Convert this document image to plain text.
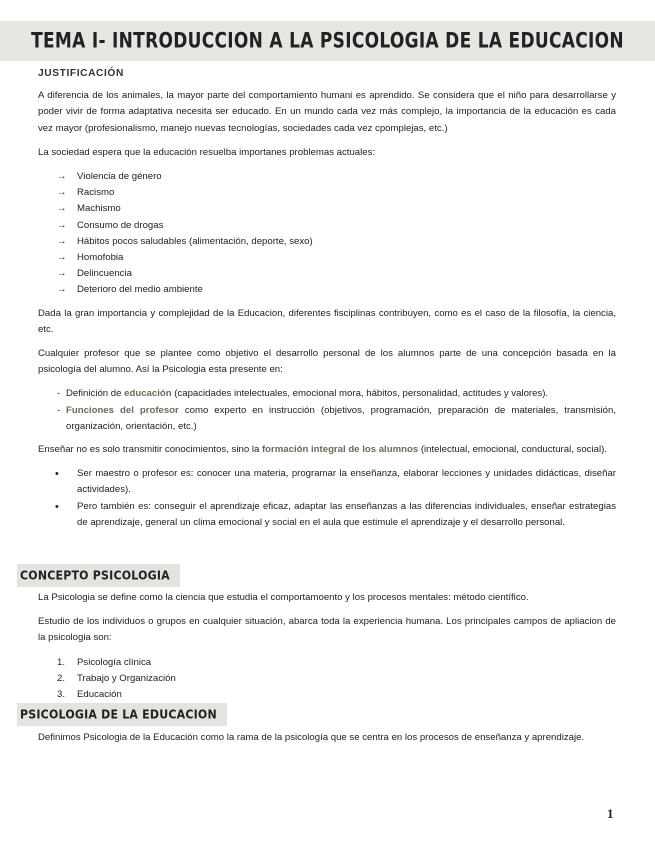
TEMA I- INTRODUCCION A LA PSICOLOGIA DE LA EDUCACION
JUSTIFICACIÓN

A diferencia de los animales, la mayor parte del comportamiento humani es aprendido. Se considera que el niño para desarrollarse y poder vivir de forma adaptativa necesita ser educado. En un mundo cada vez más complejo, la importancia de la educación es cada vez mayor (profesionalismo, manejo nuevas tecnologías, sociedades cada vez cpomplejas, etc.)

La sociedad espera que la educación resuelba importanes problemas actuales:

→	Violencia de género
→	Racismo
→	Machismo
→	Consumo de drogas
→	Hábitos pocos saludables (alimentación, deporte, sexo)
→	Homofobia
→	Delincuencia
→	Deterioro del medio ambiente

Dada la gran importancia y complejidad de la Educacion, diferentes fisciplinas contribuyen, como es el caso de la filosofía, la ciencia, etc.

Cualquier profesor que se plantee como objetivo el desarrollo personal de los alumnos parte de una concepción basada en la psicología del alumno. Así la Psicologia esta presente en:

- Definición de educación (capacidades intelectuales, emocional mora, hábitos, personalidad, actitudes y valores).
- Funciones del profesor como experto en instrucción (objetivos, programación, preparación de materiales, transmisión, organización, orientación, etc.)

Enseñar no es solo transmitir conocimientos, sino la formación integral de los alumnos (intelectual, emocional, conductural, social).

•	Ser maestro o profesor es: conocer una materia, programar la enseñanza, elaborar lecciones y unidades didácticas, diseñar actividades).
•	Pero también es: conseguir el aprendizaje eficaz, adaptar las enseñanzas a las diferencias individuales, enseñar estrategias de aprendizaje, general un clima emocional y social en el aula que estimule el aprendizaje y el desarrollo personal.
CONCEPTO PSICOLOGIA

La Psicologia se define como la ciencia que estudia el comportamoento y los procesos mentales: método científico.

Estudio de los individuos o grupos en cualquier situación, abarca toda la experiencia humana. Los principales campos de apliacion de la psicologia son:

1.	Psicología clínica
2.	Trabajo y Organización
3.	Educación
PSICOLOGIA DE LA EDUCACION

Definimos Psicologia de la Educación como la rama de la psicología que se centra en los procesos de enseñanza y aprendizaje.

1
